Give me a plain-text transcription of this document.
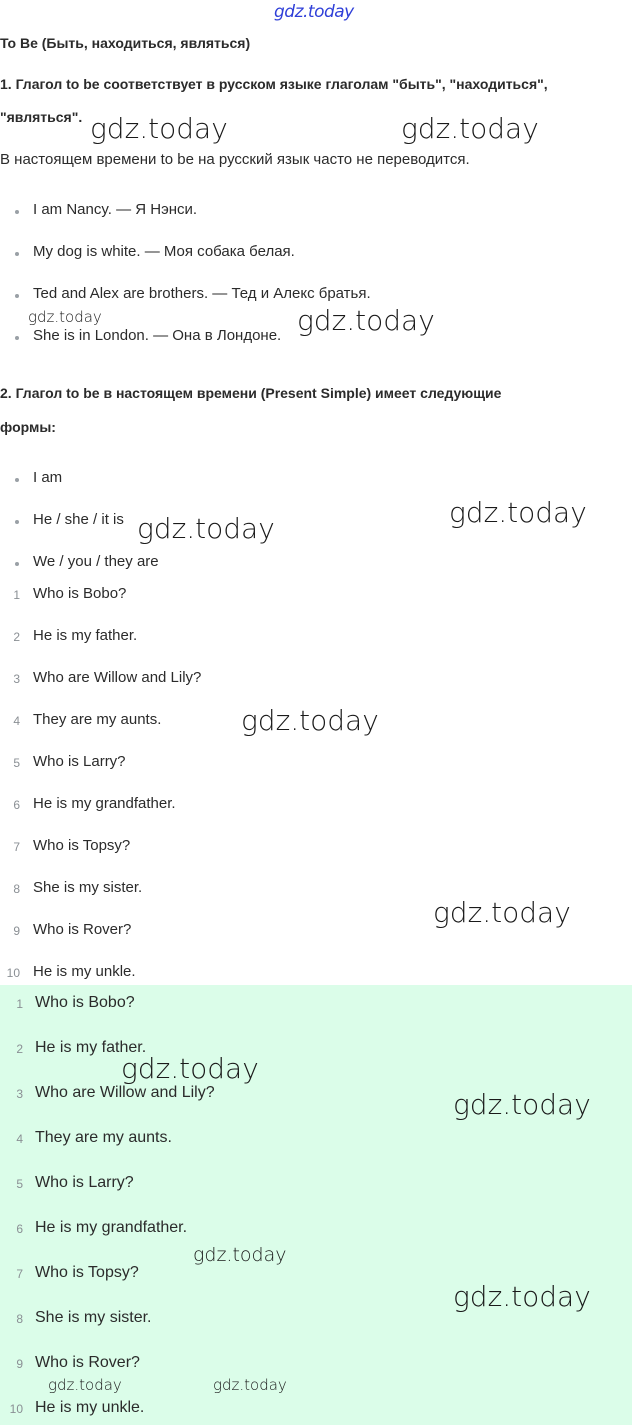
gdz.today
To Be (Быть, находиться, являться)
1. Глагол to be соответствует в русском языке глаголам "быть", "находиться",
"являться".
В настоящем времени to be на русский язык часто не переводится.
I am Nancy. — Я Нэнси.
My dog is white. — Моя собака белая.
Ted and Alex are brothers. — Тед и Алекс братья.
She is in London. — Она в Лондоне.
2. Глагол to be в настоящем времени (Present Simple) имеет следующие
формы:
I am
He / she / it is
We / you / they are
1 Who is Bobo?
2 He is my father.
3 Who are Willow and Lily?
4 They are my aunts.
5 Who is Larry?
6 He is my grandfather.
7 Who is Topsy?
8 She is my sister.
9 Who is Rover?
10 He is my unkle.
1 Who is Bobo?
2 He is my father.
3 Who are Willow and Lily?
4 They are my aunts.
5 Who is Larry?
6 He is my grandfather.
7 Who is Topsy?
8 She is my sister.
9 Who is Rover?
10 He is my unkle.
gdz.today	gdz.today
gdz.today	gdz.today
gdz.today
gdz.today
gdz.today
gdz.today
gdz.today
gdz.today
gdz.today
gdz.today
gdz.today	gdz.today
